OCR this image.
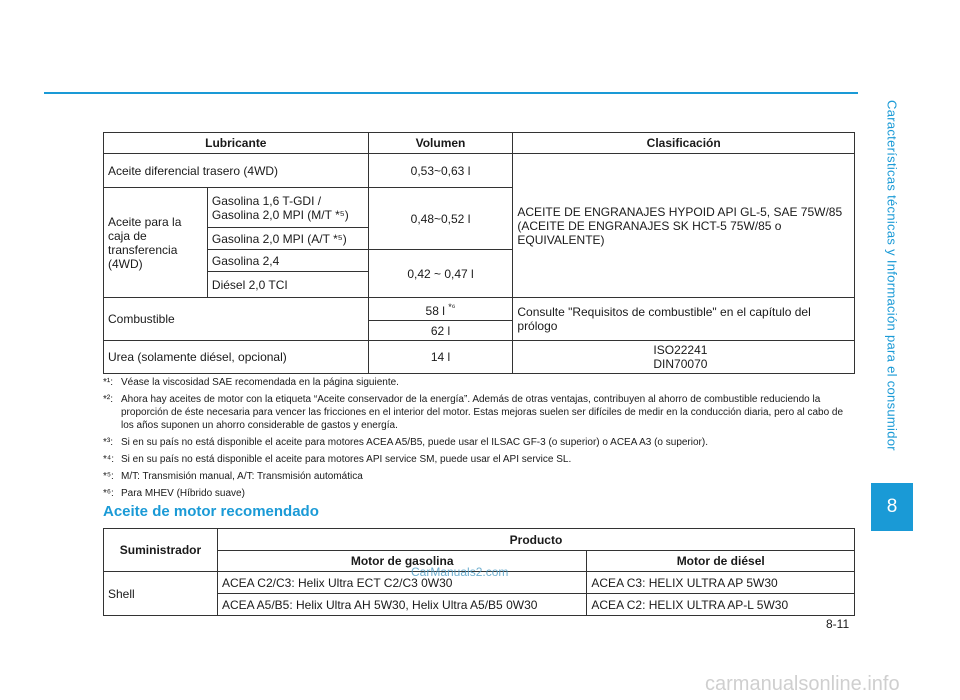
Características técnicas y Información para el consumidor
8
Lubricante		Volumen	Clasificación
Aceite diferencial trasero (4WD)		0,53~0,63 l	ACEITE DE ENGRANAJES HYPOID API GL-5, SAE 75W/85 (ACEITE DE ENGRANAJES SK HCT-5 75W/85 o EQUIVALENTE)
Aceite para la caja de transferencia (4WD)	Gasolina 1,6 T-GDI / Gasolina 2,0 MPI (M/T *⁵)	0,48~0,52 l	
	Gasolina 2,0 MPI (A/T *⁵)		
	Gasolina 2,4	0,42 ~ 0,47 l	
	Diésel 2,0 TCI		
Combustible		58 l $^{*^6}$	Consulte "Requisitos de combustible" en el capítulo del prólogo
		62 l	
Urea (solamente diésel, opcional)		14 l	ISO22241
DIN70070
*¹: Véase la viscosidad SAE recomendada en la página siguiente.
*²: Ahora hay aceites de motor con la etiqueta “Aceite conservador de la energía”. Además de otras ventajas, contribuyen al ahorro de combustible reduciendo la proporción de éste necesaria para vencer las fricciones en el interior del motor. Estas mejoras suelen ser difíciles de medir en la conducción diaria, pero al cabo de los años suponen un ahorro considerable de gastos y energía.
*³: Si en su país no está disponible el aceite para motores ACEA A5/B5, puede usar el ILSAC GF-3 (o superior) o ACEA A3 (o superior).
*⁴: Si en su país no está disponible el aceite para motores API service SM, puede usar el API service SL.
*⁵: M/T: Transmisión manual, A/T: Transmisión automática
*⁶: Para MHEV (Híbrido suave)
Aceite de motor recomendado
Suministrador	Producto	
	Motor de gasolina	Motor de diésel
Shell	ACEA C2/C3: Helix Ultra ECT C2/C3 0W30	ACEA C3: HELIX ULTRA AP 5W30
	ACEA A5/B5: Helix Ultra AH 5W30, Helix Ultra A5/B5 0W30	ACEA C2: HELIX ULTRA AP-L 5W30
CarManuals2.com
8-11
carmanualsonline.info
